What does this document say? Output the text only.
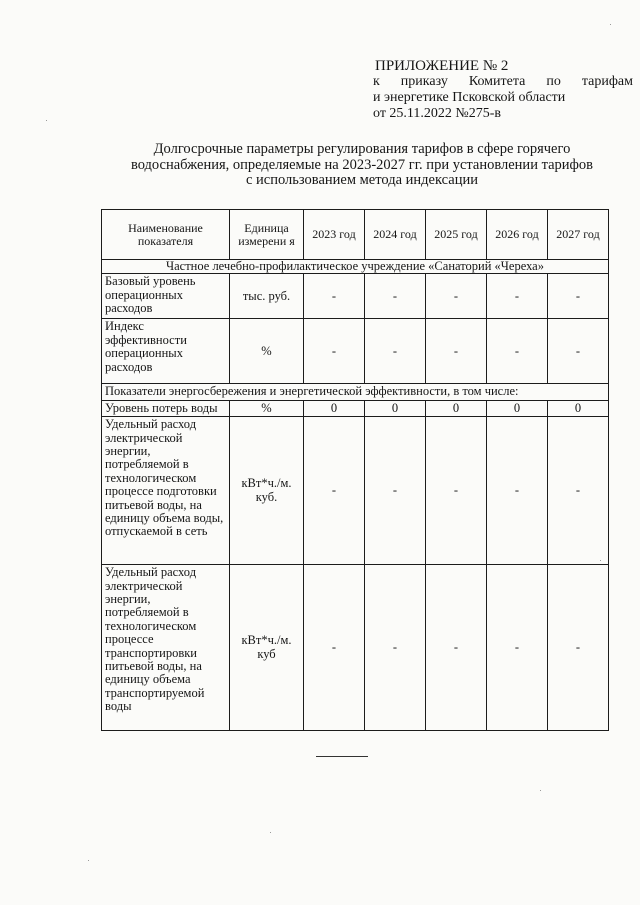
ПРИЛОЖЕНИЕ № 2
к приказу Комитета по тарифам
и энергетике Псковской области
от 25.11.2022 №275-в
Долгосрочные параметры регулирования тарифов в сфере горячего
водоснабжения, определяемые на 2023-2027 гг. при установлении тарифов
с использованием метода индексации
Наименование показателя	Единица измерени я	2023 год	2024 год	2025 год	2026 год	2027 год
Частное лечебно-профилактическое учреждение «Санаторий «Череха»						
Базовый уровень операционных расходов	тыс. руб.	-	-	-	-	-
Индекс эффективности операционных расходов	%	-	-	-	-	-
Показатели энергосбережения и энергетической эффективности, в том числе:						
Уровень потерь воды	%	0	0	0	0	0
Удельный расход электрической энергии, потребляемой в технологическом процессе подготовки питьевой воды, на единицу объема воды, отпускаемой в сеть	кВт*ч./м. куб.	-	-	-	-	-
Удельный расход электрической энергии, потребляемой в технологическом процессе транспортировки питьевой воды, на единицу объема транспортируемой воды	кВт*ч./м. куб	-	-	-	-	-
